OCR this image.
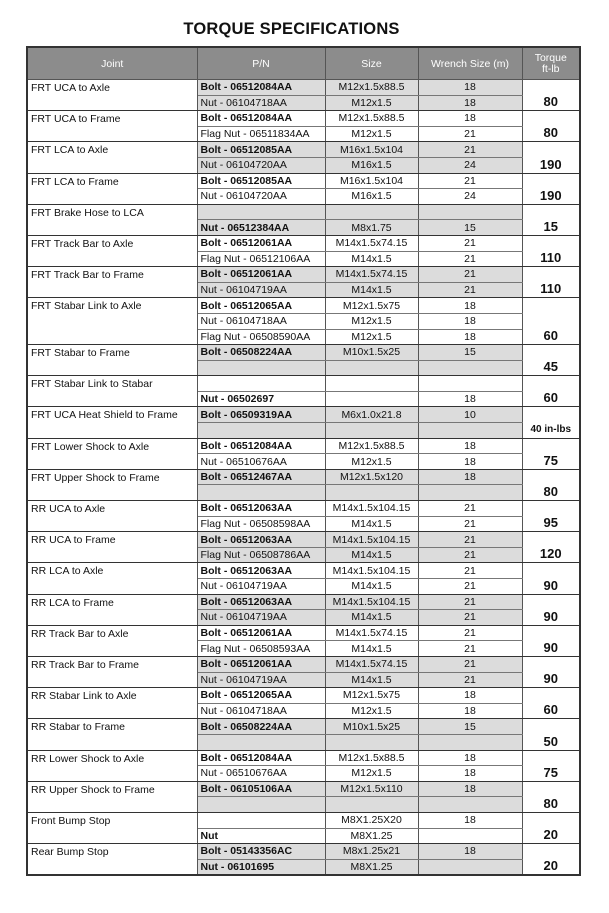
TORQUE SPECIFICATIONS
Joint	P/N	Size	Wrench Size (m)	Torque
ft-lb
FRT UCA to Axle	Bolt - 06512084AA	M12x1.5x88.5	18	80
	Nut - 06104718AA	M12x1.5	18	
FRT UCA to Frame	Bolt - 06512084AA	M12x1.5x88.5	18	80
	Flag Nut - 06511834AA	M12x1.5	21	
FRT LCA to Axle	Bolt - 06512085AA	M16x1.5x104	21	190
	Nut - 06104720AA	M16x1.5	24	
FRT LCA to Frame	Bolt - 06512085AA	M16x1.5x104	21	190
	Nut - 06104720AA	M16x1.5	24	
FRT Brake Hose to LCA				15
	Nut - 06512384AA	M8x1.75	15	
FRT Track Bar to Axle	Bolt - 06512061AA	M14x1.5x74.15	21	110
	Flag Nut - 06512106AA	M14x1.5	21	
FRT Track Bar to Frame	Bolt - 06512061AA	M14x1.5x74.15	21	110
	Nut - 06104719AA	M14x1.5	21	
FRT Stabar Link to Axle	Bolt - 06512065AA	M12x1.5x75	18	60
	Nut - 06104718AA	M12x1.5	18	
	Flag Nut - 06508590AA	M12x1.5	18	
FRT Stabar to Frame	Bolt - 06508224AA	M10x1.5x25	15	45

FRT Stabar Link to Stabar				60
	Nut - 06502697		18	
FRT UCA Heat Shield to Frame	Bolt - 06509319AA	M6x1.0x21.8	10	40 in-lbs

FRT Lower Shock to Axle	Bolt - 06512084AA	M12x1.5x88.5	18	75
	Nut - 06510676AA	M12x1.5	18	
FRT Upper Shock to Frame	Bolt - 06512467AA	M12x1.5x120	18	80

RR UCA to Axle	Bolt - 06512063AA	M14x1.5x104.15	21	95
	Flag Nut - 06508598AA	M14x1.5	21	
RR UCA to Frame	Bolt - 06512063AA	M14x1.5x104.15	21	120
	Flag Nut - 06508786AA	M14x1.5	21	
RR LCA to Axle	Bolt - 06512063AA	M14x1.5x104.15	21	90
	Nut - 06104719AA	M14x1.5	21	
RR LCA to Frame	Bolt - 06512063AA	M14x1.5x104.15	21	90
	Nut - 06104719AA	M14x1.5	21	
RR Track Bar to Axle	Bolt - 06512061AA	M14x1.5x74.15	21	90
	Flag Nut - 06508593AA	M14x1.5	21	
RR Track Bar to Frame	Bolt - 06512061AA	M14x1.5x74.15	21	90
	Nut - 06104719AA	M14x1.5	21	
RR Stabar Link to Axle	Bolt - 06512065AA	M12x1.5x75	18	60
	Nut - 06104718AA	M12x1.5	18	
RR Stabar to Frame	Bolt - 06508224AA	M10x1.5x25	15	50

RR Lower Shock to Axle	Bolt - 06512084AA	M12x1.5x88.5	18	75
	Nut - 06510676AA	M12x1.5	18	
RR Upper Shock to Frame	Bolt - 06105106AA	M12x1.5x110	18	80

Front Bump Stop		M8X1.25X20	18	20
	Nut	M8X1.25		
Rear Bump Stop	Bolt - 05143356AC	M8x1.25x21	18	20
	Nut - 06101695	M8X1.25		
